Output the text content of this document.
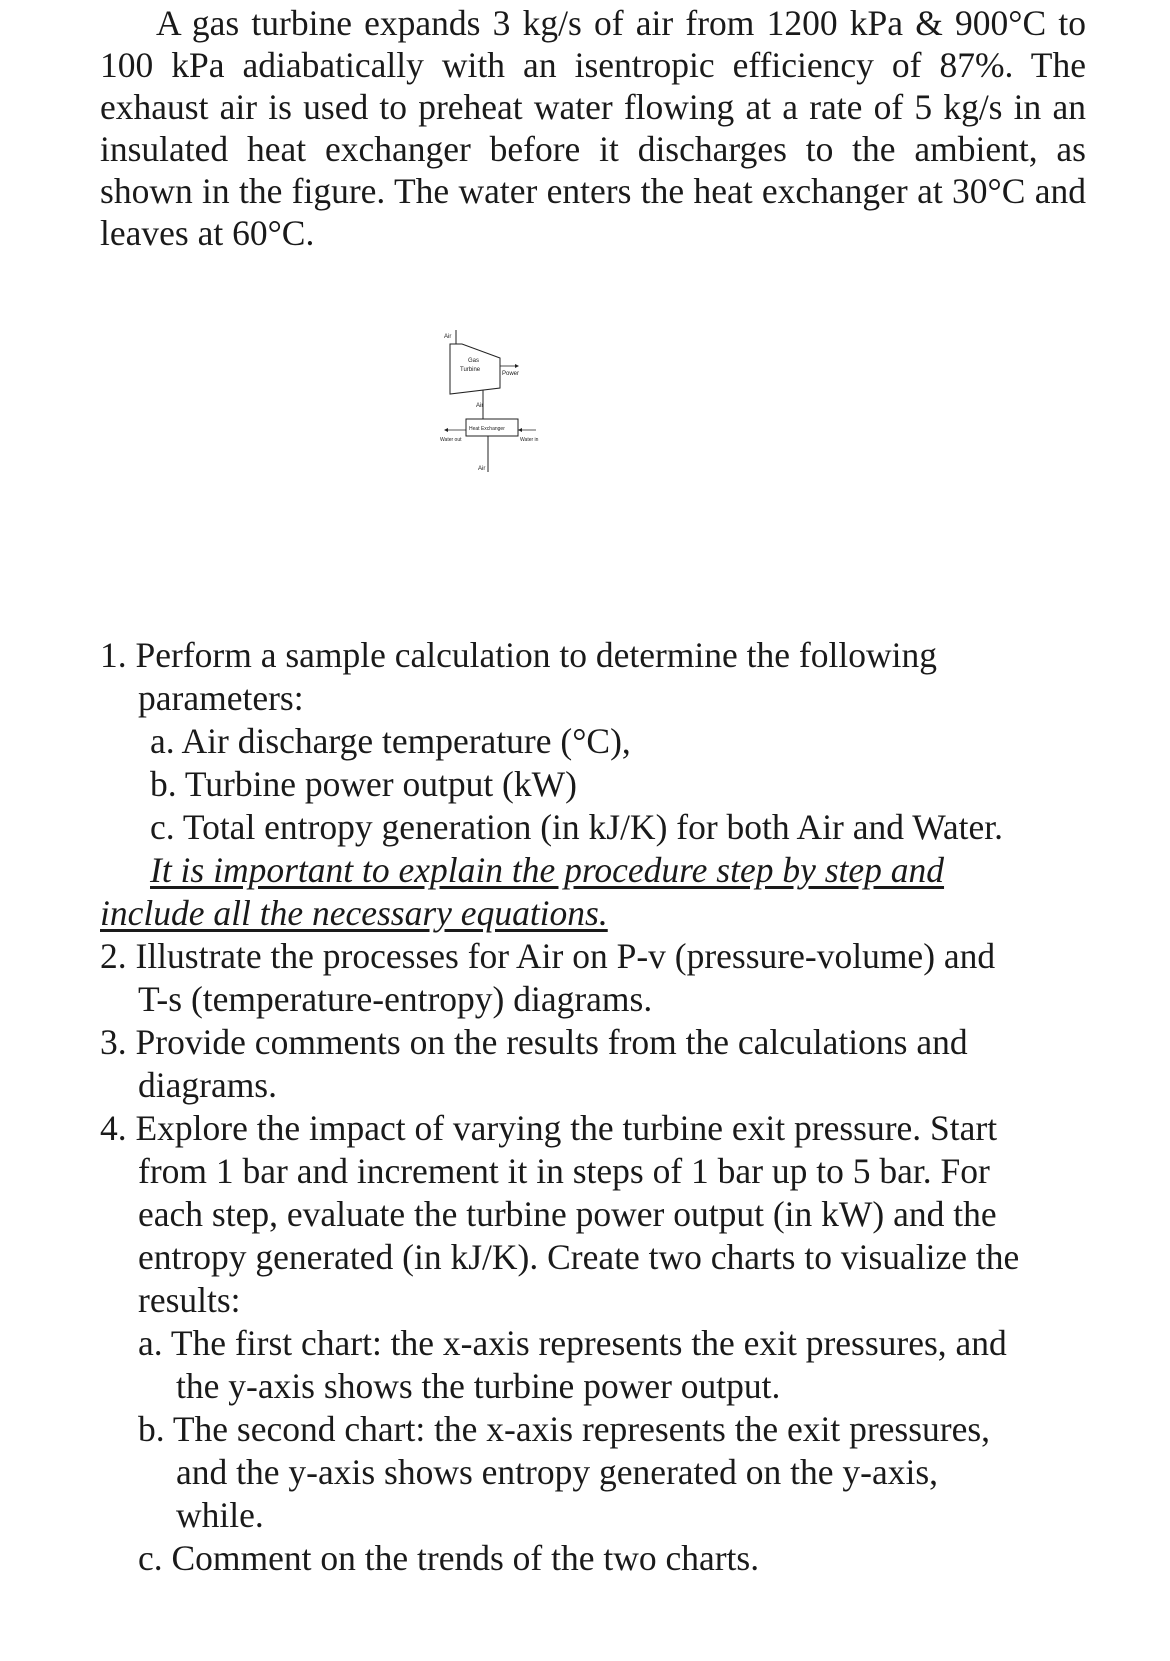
A gas turbine expands 3 kg/s of air from 1200 kPa & 900°C to 100 kPa adiabatically with an isentropic efficiency of 87%. The exhaust air is used to preheat water flowing at a rate of 5 kg/s in an insulated heat exchanger before it discharges to the ambient, as shown in the figure. The water enters the heat exchanger at 30°C and leaves at 60°C.

Air
Gas
Turbine
Power
Air
Heat Exchanger
Water out	Water in
Air
1. Perform a sample calculation to determine the following
parameters:
a. Air discharge temperature (°C),
b. Turbine power output (kW)
c. Total entropy generation (in kJ/K) for both Air and Water.
It is important to explain the procedure step by step and
include all the necessary equations.
2. Illustrate the processes for Air on P-v (pressure-volume) and
T-s (temperature-entropy) diagrams.
3. Provide comments on the results from the calculations and
diagrams.
4. Explore the impact of varying the turbine exit pressure. Start
from 1 bar and increment it in steps of 1 bar up to 5 bar. For
each step, evaluate the turbine power output (in kW) and the
entropy generated (in kJ/K). Create two charts to visualize the
results:
a. The first chart: the x-axis represents the exit pressures, and
the y-axis shows the turbine power output.
b. The second chart: the x-axis represents the exit pressures,
and the y-axis shows entropy generated on the y-axis,
while.
c. Comment on the trends of the two charts.
